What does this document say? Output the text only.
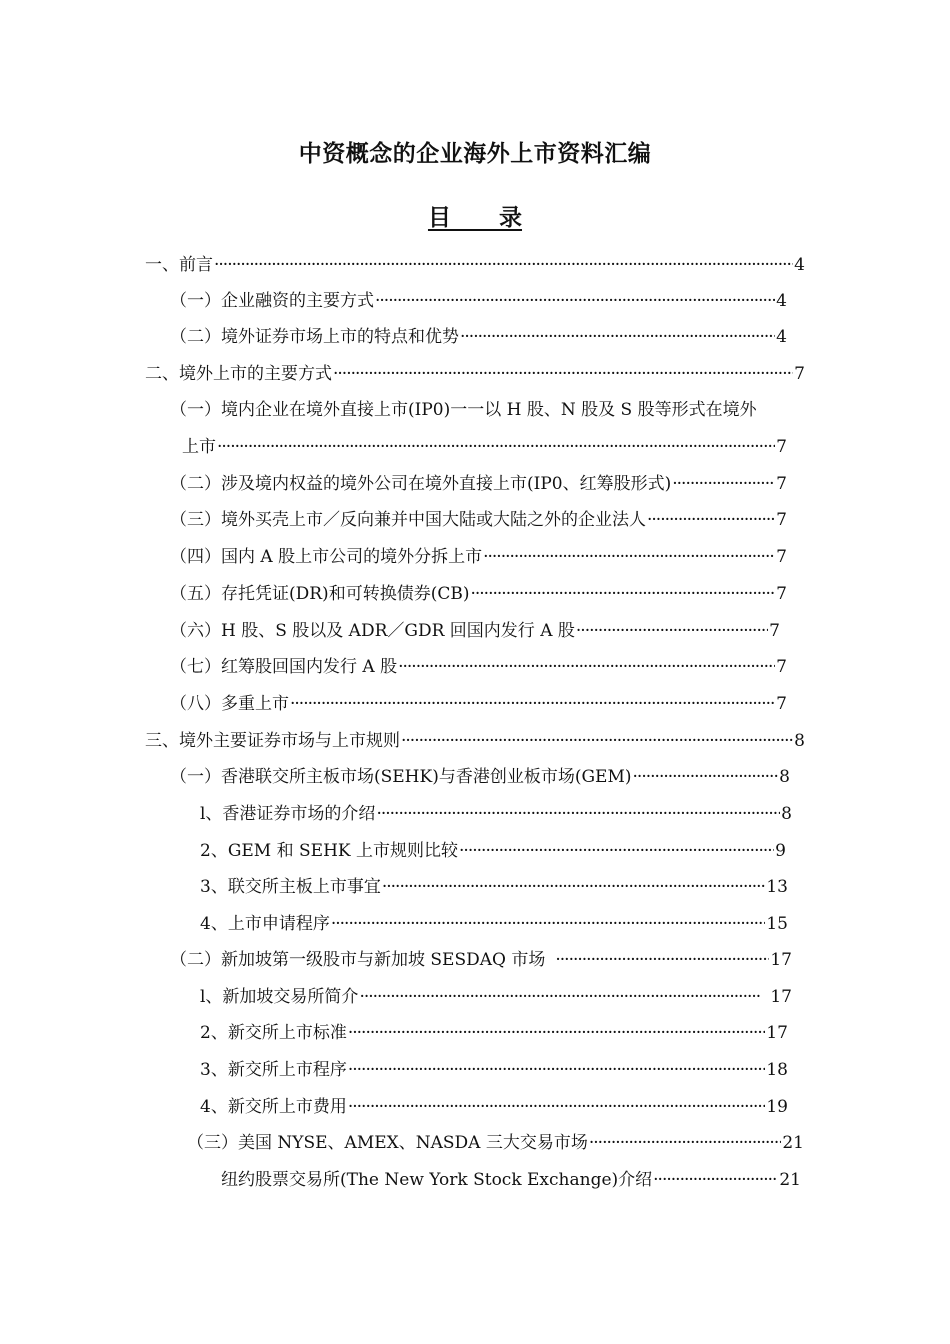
中资概念的企业海外上市资料汇编
目      录
一、前言 ·····	4
（一）企业融资的主要方式 ·····	4
（二）境外证券市场上市的特点和优势 ·····	4
二、境外上市的主要方式 ·····	7
（一）境内企业在境外直接上市(IP0)一一以 H 股、N 股及 S 股等形式在境外
上市 ·····	7
（二）涉及境内权益的境外公司在境外直接上市(IP0、红筹股形式) ·····	7
（三）境外买壳上市／反向兼并中国大陆或大陆之外的企业法人 ·····	7
（四）国内 A 股上市公司的境外分拆上市 ·····	7
（五）存托凭证(DR)和可转换债券(CB) ·····	7
（六）H 股、S 股以及 ADR／GDR 回国内发行 A 股 ·····	7
（七）红筹股回国内发行 A 股 ·····	7
（八）多重上市 ·····	7
三、境外主要证券市场与上市规则 ·····	8
（一）香港联交所主板市场(SEHK)与香港创业板市场(GEM) ·····	8
l、香港证券市场的介绍 ·····	8
2、GEM 和 SEHK 上市规则比较 ·····	9
3、联交所主板上市事宜 ·····	13
4、上市申请程序 ·····	15
（二）新加坡第一级股市与新加坡 SESDAQ 市场 ·····	17
l、新加坡交易所简介 ·····	17
2、新交所上市标准 ·····	17
3、新交所上市程序 ·····	18
4、新交所上市费用 ·····	19
（三）美国 NYSE、AMEX、NASDA 三大交易市场 ·····	21
纽约股票交易所(The New York Stock Exchange)介绍 ·····	21
